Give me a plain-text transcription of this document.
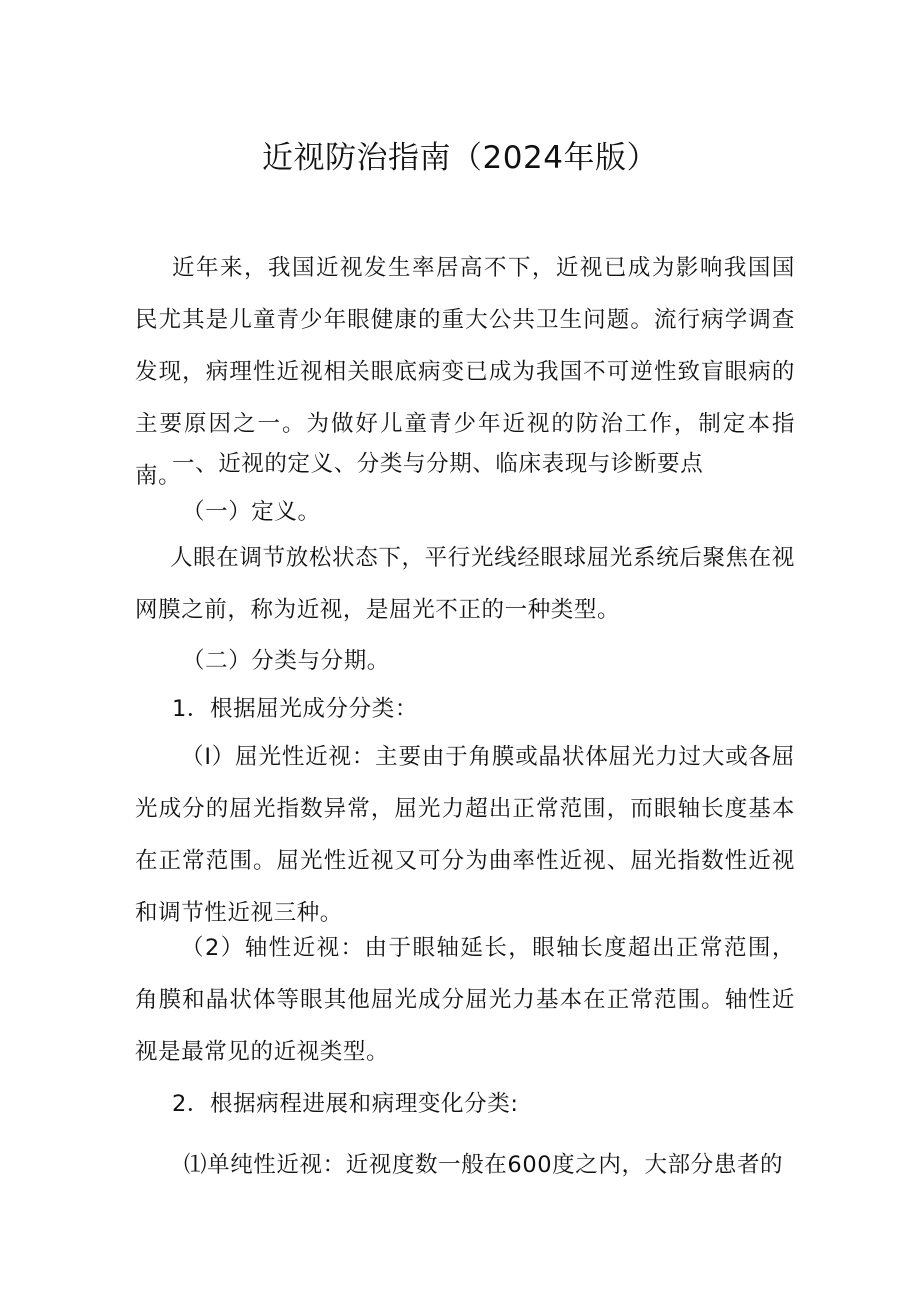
近视防治指南（2024年版）

近年来，我国近视发生率居高不下，近视已成为影响我国国民尤其是儿童青少年眼健康的重大公共卫生问题。流行病学调查发现，病理性近视相关眼底病变已成为我国不可逆性致盲眼病的主要原因之一。为做好儿童青少年近视的防治工作，制定本指南。

一、近视的定义、分类与分期、临床表现与诊断要点
（一）定义。

人眼在调节放松状态下，平行光线经眼球屈光系统后聚焦在视网膜之前，称为近视，是屈光不正的一种类型。

（二）分类与分期。
1．根据屈光成分分类：

（I）屈光性近视：主要由于角膜或晶状体屈光力过大或各屈光成分的屈光指数异常，屈光力超出正常范围，而眼轴长度基本在正常范围。屈光性近视又可分为曲率性近视、屈光指数性近视和调节性近视三种。

（2）轴性近视：由于眼轴延长，眼轴长度超出正常范围，角膜和晶状体等眼其他屈光成分屈光力基本在正常范围。轴性近视是最常见的近视类型。

2．根据病程进展和病理变化分类:
⑴单纯性近视：近视度数一般在600度之内，大部分患者的
